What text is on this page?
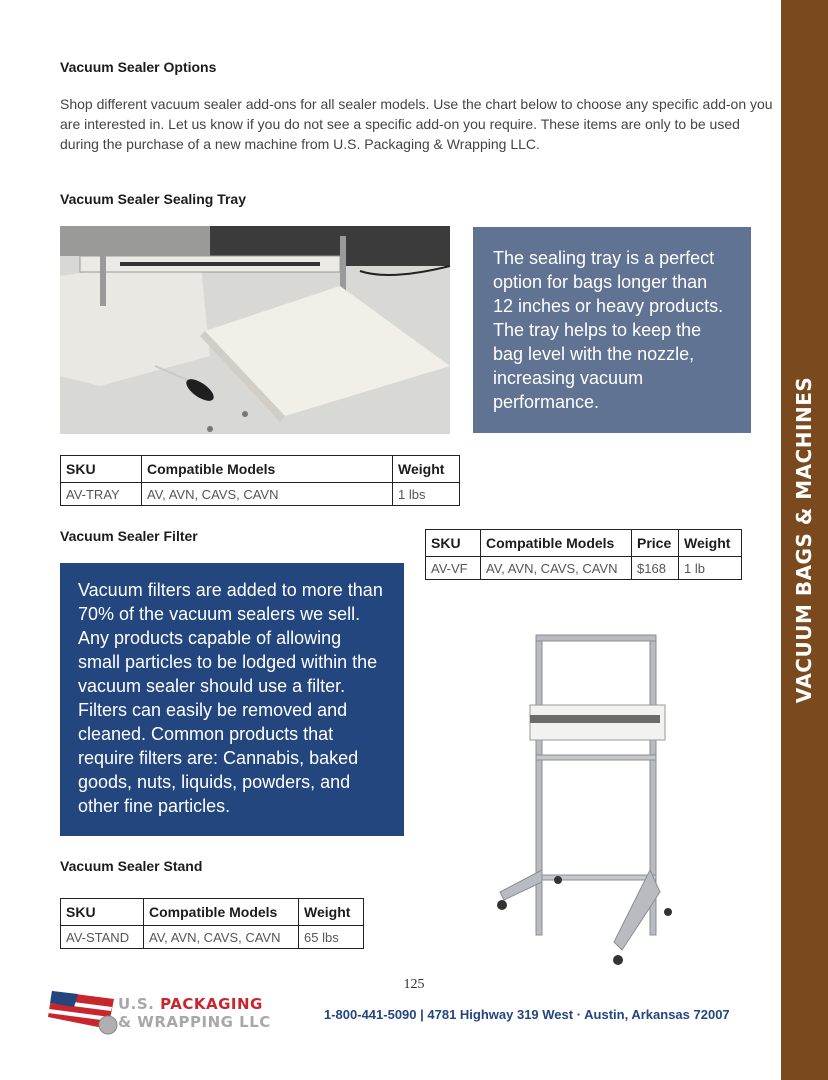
VACUUM BAGS & MACHINES
Vacuum Sealer Options
Shop different vacuum sealer add-ons for all sealer models. Use the chart below to choose any specific add-on you are interested in. Let us know if you do not see a specific add-on you require. These items are only to be used during the purchase of a new machine from U.S. Packaging & Wrapping LLC.
Vacuum Sealer Sealing Tray
The sealing tray is a perfect option for bags longer than 12 inches or heavy products. The tray helps to keep the bag level with the nozzle, increasing vacuum performance.
SKU	Compatible Models	Weight
AV-TRAY	AV, AVN, CAVS, CAVN	1 lbs
Vacuum Sealer Filter	SKU	Compatible Models	Price	Weight
AV-VF	AV, AVN, CAVS, CAVN	$168	1 lb
Vacuum filters are added to more than 70% of the vacuum sealers we sell. Any products capable of allowing small particles to be lodged within the vacuum sealer should use a filter. Filters can easily be removed and cleaned. Common products that require filters are: Cannabis, baked goods, nuts, liquids, powders, and other fine particles.
Vacuum Sealer Stand
SKU	Compatible Models	Weight
AV-STAND	AV, AVN, CAVS, CAVN	65 lbs
125
U.S. PACKAGING
& WRAPPING LLC	1-800-441-5090 | 4781 Highway 319 West · Austin, Arkansas 72007
